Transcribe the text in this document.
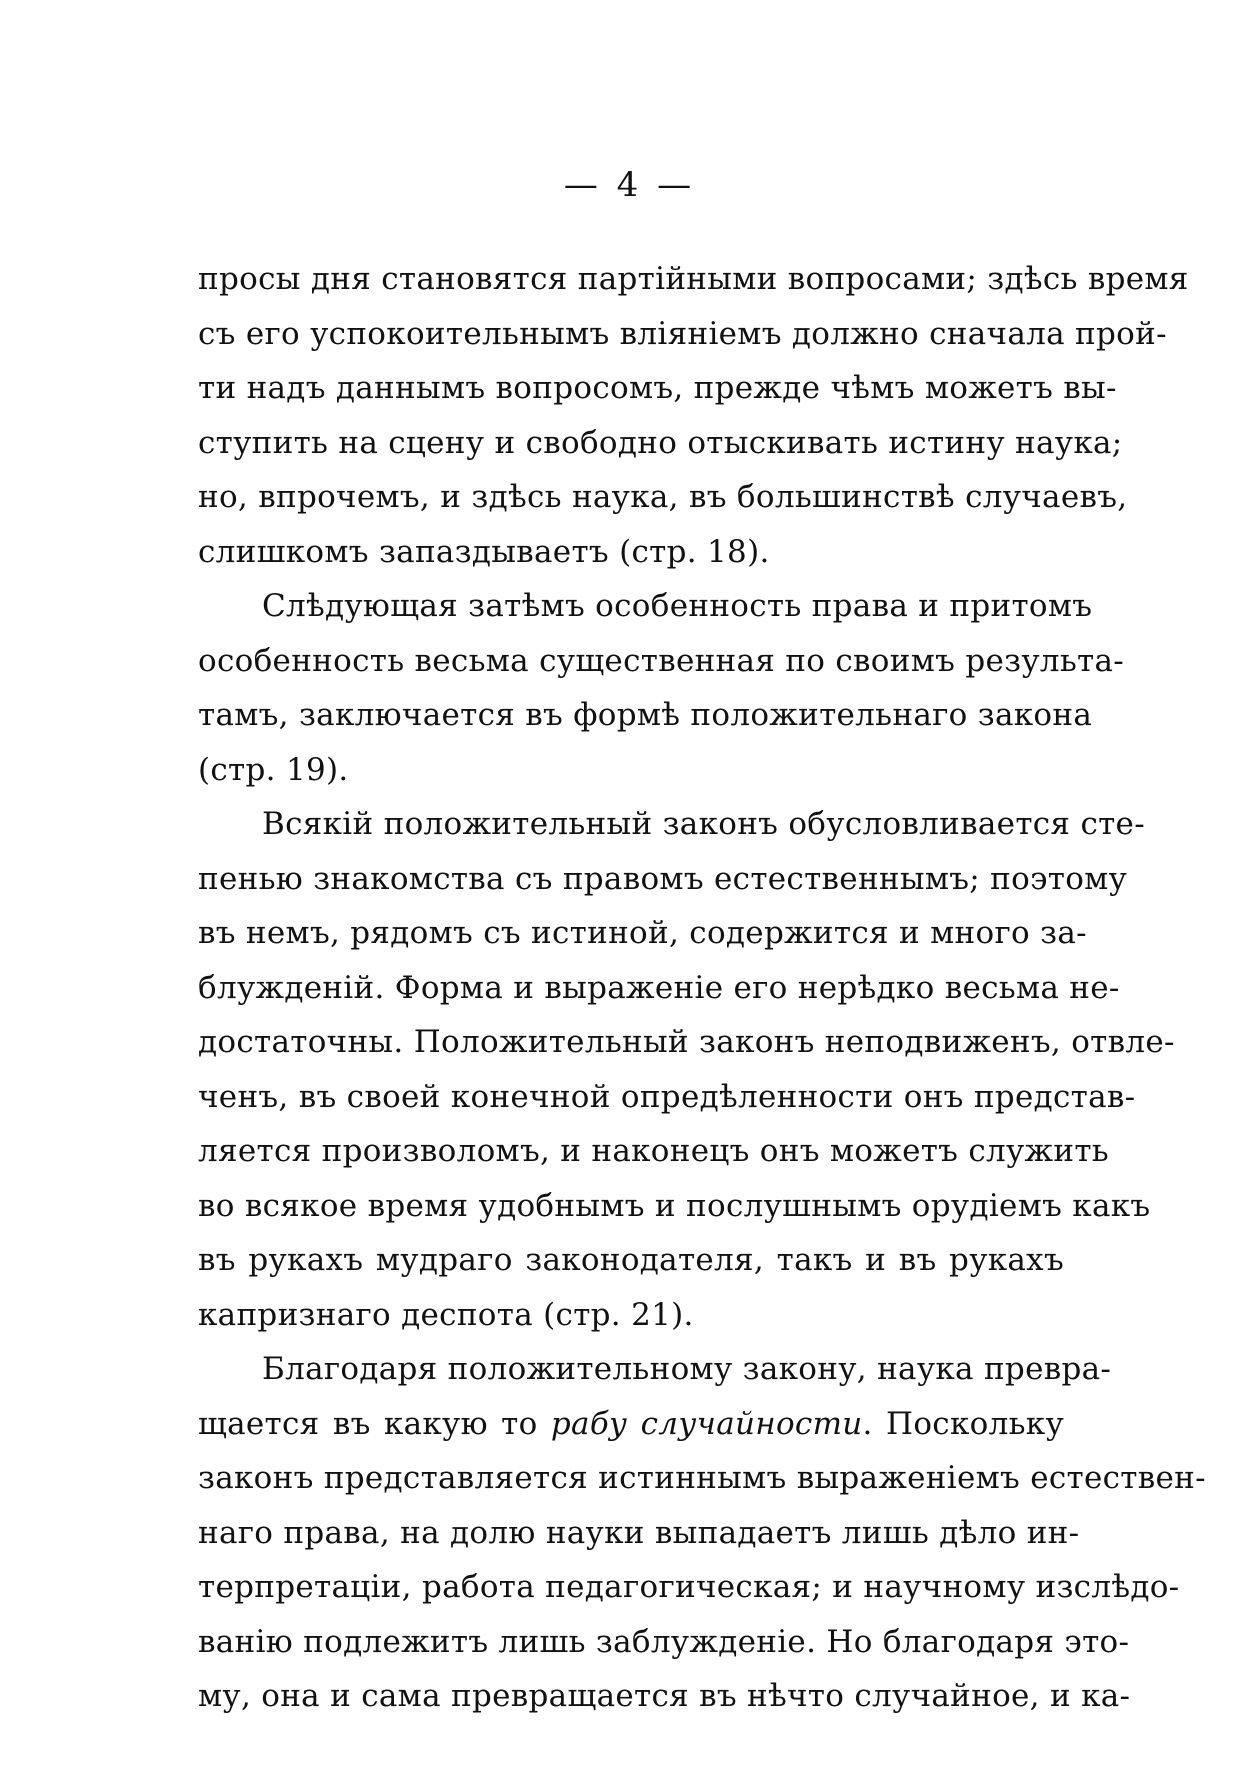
— 4 —
просы дня становятся партійными вопросами; здѣсь время
съ его успокоительнымъ вліяніемъ должно сначала прой-
ти надъ даннымъ вопросомъ, прежде чѣмъ можетъ вы-
ступить на сцену и свободно отыскивать истину наука;
но, впрочемъ, и здѣсь наука, въ большинствѣ случаевъ,
слишкомъ запаздываетъ (стр. 18).
Слѣдующая затѣмъ особенность права и притомъ
особенность весьма существенная по своимъ результа-
тамъ, заключается въ формѣ положительнаго закона
(стр. 19).
Всякій положительный законъ обусловливается сте-
пенью знакомства съ правомъ естественнымъ; поэтому
въ немъ, рядомъ съ истиной, содержится и много за-
блужденій. Форма и выраженіе его нерѣдко весьма не-
достаточны. Положительный законъ неподвиженъ, отвле-
ченъ, въ своей конечной опредѣленности онъ представ-
ляется произволомъ, и наконецъ онъ можетъ служить
во всякое время удобнымъ и послушнымъ орудіемъ какъ
въ рукахъ мудраго законодателя, такъ и въ рукахъ
капризнаго деспота (стр. 21).
Благодаря положительному закону, наука превра-
щается въ какую то рабу случайности. Поскольку
законъ представляется истиннымъ выраженіемъ естествен-
наго права, на долю науки выпадаетъ лишь дѣло ин-
терпретаціи, работа педагогическая; и научному изслѣдо-
ванію подлежитъ лишь заблужденіе. Но благодаря это-
му, она и сама превращается въ нѣчто случайное, и ка-
